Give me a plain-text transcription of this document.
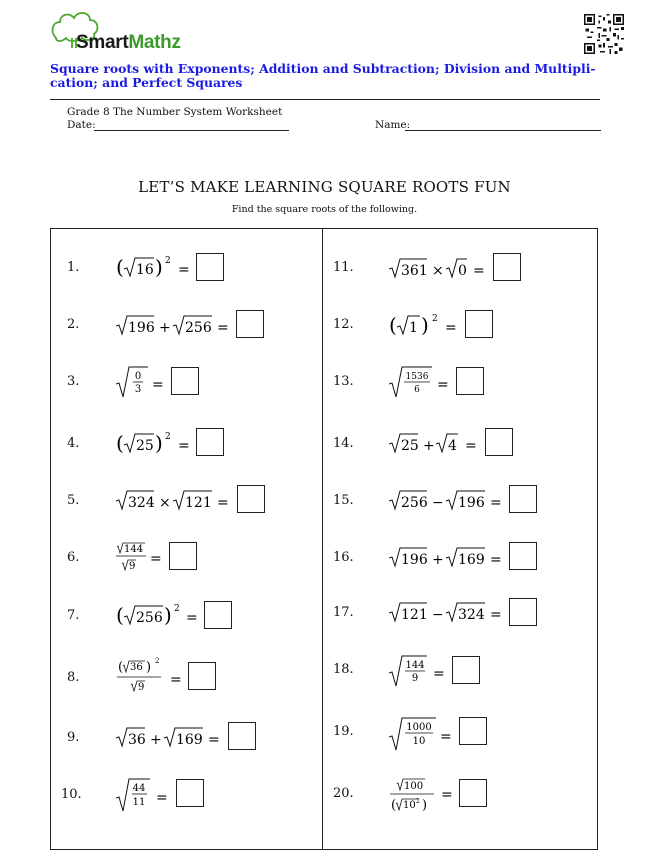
SmartMathz
Square roots with Exponents; Addition and Subtraction; Division and Multipli- cation; and Perfect Squares
Grade 8 The Number System Worksheet
Date:	Name:
LET’S MAKE LEARNING SQUARE ROOTS FUN
Find the square roots of the following.
1. ( 16 ) 2
=
2.	196 + 256 =
3.	0
3 =
4. ( 25 ) 2
=
5.	324 × 121 =
6.
144
9 =
7. ( 256 ) 2
=
8.
( 36 ) 2
9 =
9.	36 + 169 =
10.	44
11 =
11.	361 × 0 =
12. ( 1 ) 2
=
13.	1536
6 =
14.	25 + 4 =
15.	256 − 196 =
16.	196 + 169 =
17.	121 − 324 =
18.	144
9 =
19.	1000
10 =
20.	100
( 10 2 )
=
